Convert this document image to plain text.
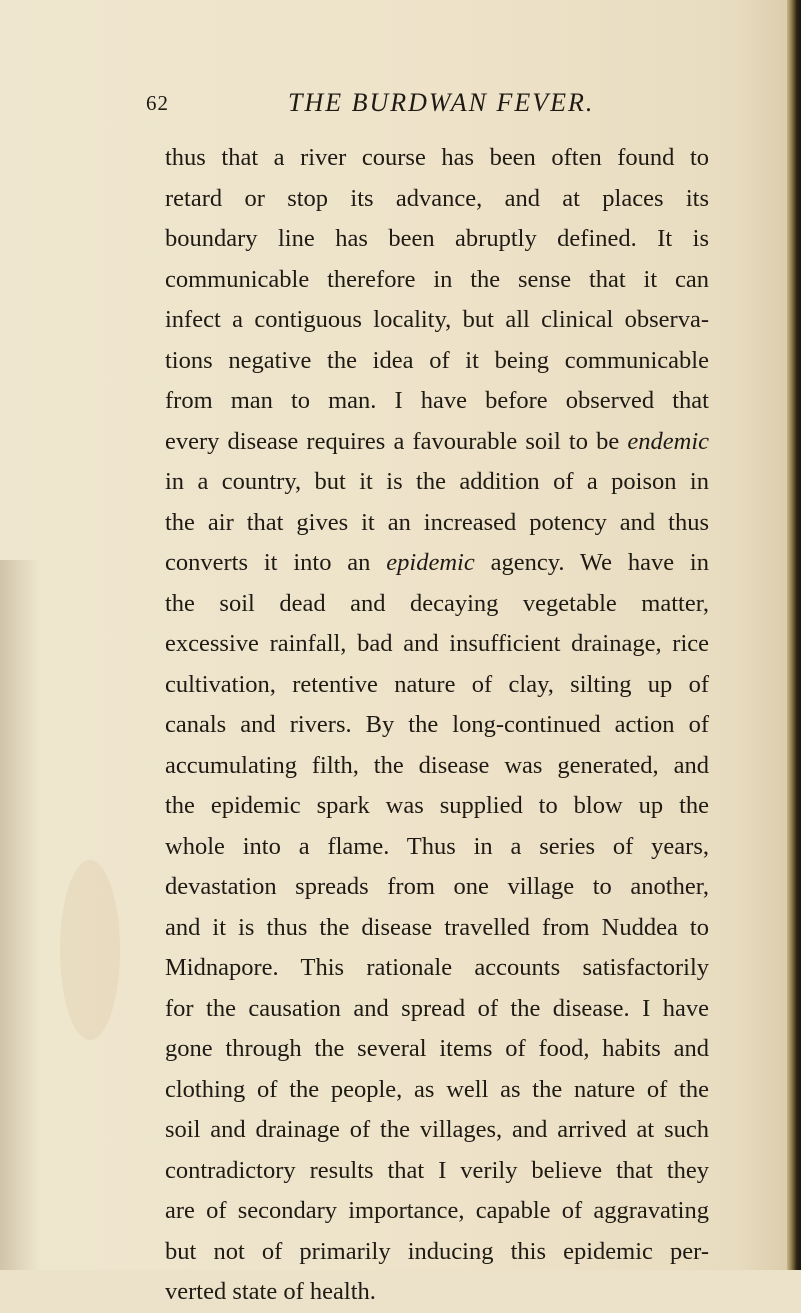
62	THE BURDWAN FEVER.
thus that a river course has been often found to
retard or stop its advance, and at places its
boundary line has been abruptly defined. It is
communicable therefore in the sense that it can
infect a contiguous locality, but all clinical observa-
tions negative the idea of it being communicable
from man to man. I have before observed that
every disease requires a favourable soil to be endemic
in a country, but it is the addition of a poison in
the air that gives it an increased potency and thus
converts it into an epidemic agency. We have in
the soil dead and decaying vegetable matter,
excessive rainfall, bad and insufficient drainage, rice
cultivation, retentive nature of clay, silting up of
canals and rivers. By the long-continued action of
accumulating filth, the disease was generated, and
the epidemic spark was supplied to blow up the
whole into a flame. Thus in a series of years,
devastation spreads from one village to another,
and it is thus the disease travelled from Nuddea to
Midnapore. This rationale accounts satisfactorily
for the causation and spread of the disease. I have
gone through the several items of food, habits and
clothing of the people, as well as the nature of the
soil and drainage of the villages, and arrived at such
contradictory results that I verily believe that they
are of secondary importance, capable of aggravating
but not of primarily inducing this epidemic per-
verted state of health.
